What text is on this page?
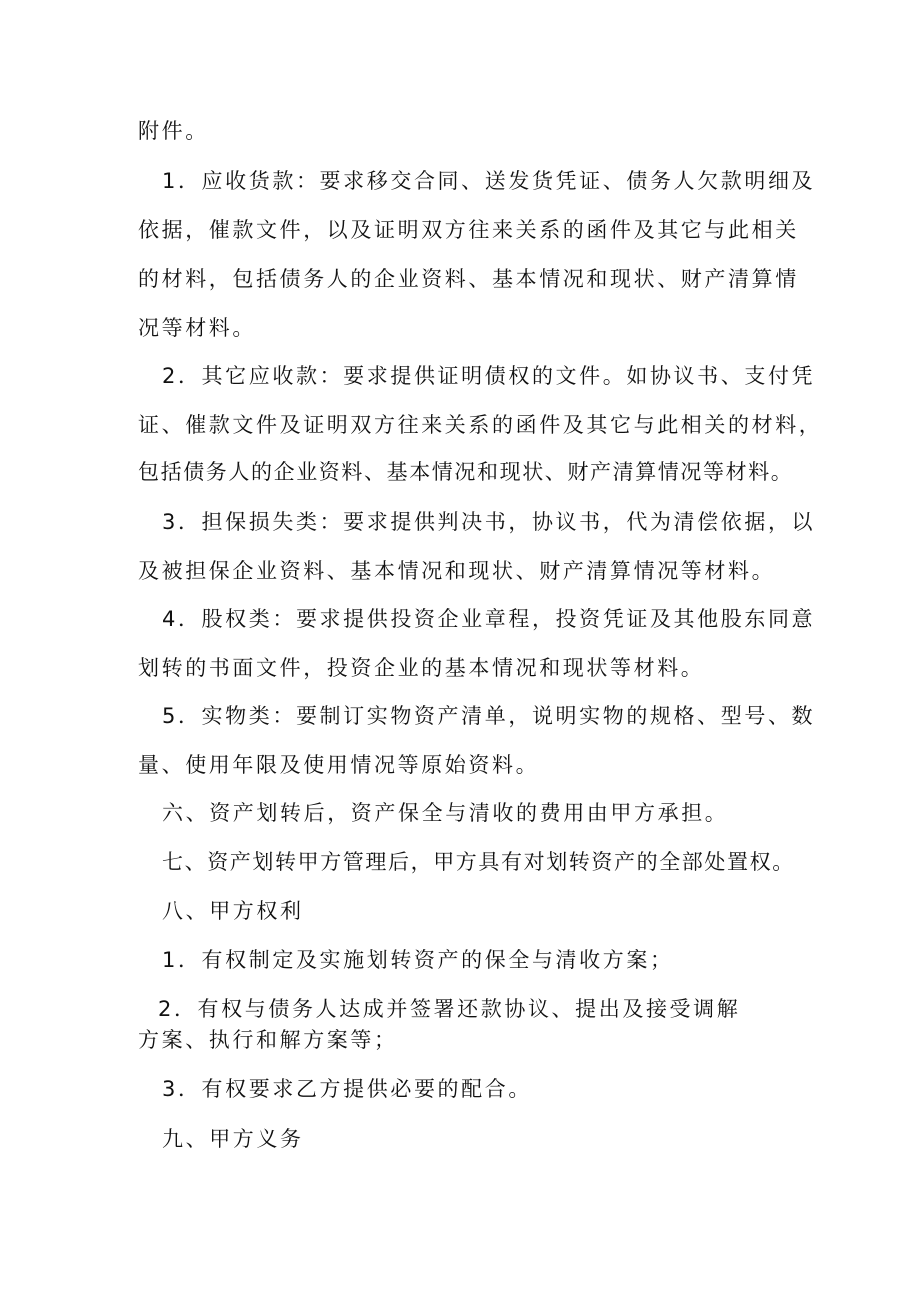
附件。
1．应收货款：要求移交合同、送发货凭证、债务人欠款明细及
依据，催款文件，以及证明双方往来关系的函件及其它与此相关
的材料，包括债务人的企业资料、基本情况和现状、财产清算情
况等材料。
2．其它应收款：要求提供证明债权的文件。如协议书、支付凭
证、催款文件及证明双方往来关系的函件及其它与此相关的材料，
包括债务人的企业资料、基本情况和现状、财产清算情况等材料。
3．担保损失类：要求提供判决书，协议书，代为清偿依据，以
及被担保企业资料、基本情况和现状、财产清算情况等材料。
4．股权类：要求提供投资企业章程，投资凭证及其他股东同意
划转的书面文件，投资企业的基本情况和现状等材料。
5．实物类：要制订实物资产清单，说明实物的规格、型号、数
量、使用年限及使用情况等原始资料。
六、资产划转后，资产保全与清收的费用由甲方承担。
七、资产划转甲方管理后，甲方具有对划转资产的全部处置权。
八、甲方权利
1．有权制定及实施划转资产的保全与清收方案；
2．有权与债务人达成并签署还款协议、提出及接受调解
方案、执行和解方案等；
3．有权要求乙方提供必要的配合。
九、甲方义务
